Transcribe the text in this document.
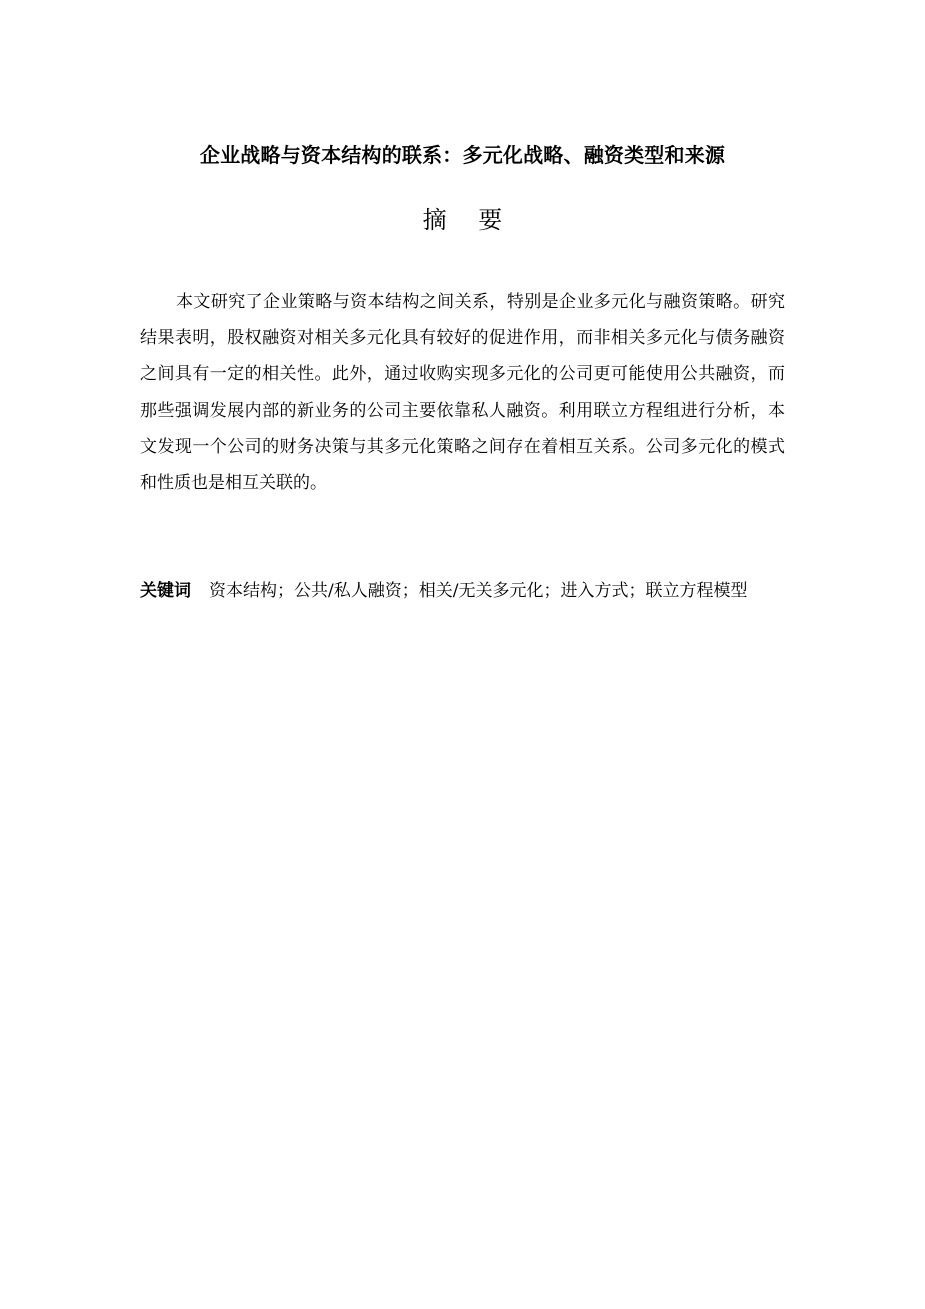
企业战略与资本结构的联系：多元化战略、融资类型和来源
摘 要

本文研究了企业策略与资本结构之间关系，特别是企业多元化与融资策略。研究结果表明，股权融资对相关多元化具有较好的促进作用，而非相关多元化与债务融资之间具有一定的相关性。此外，通过收购实现多元化的公司更可能使用公共融资，而那些强调发展内部的新业务的公司主要依靠私人融资。利用联立方程组进行分析，本文发现一个公司的财务决策与其多元化策略之间存在着相互关系。公司多元化的模式和性质也是相互关联的。

关键词 资本结构；公共/私人融资；相关/无关多元化；进入方式；联立方程模型
